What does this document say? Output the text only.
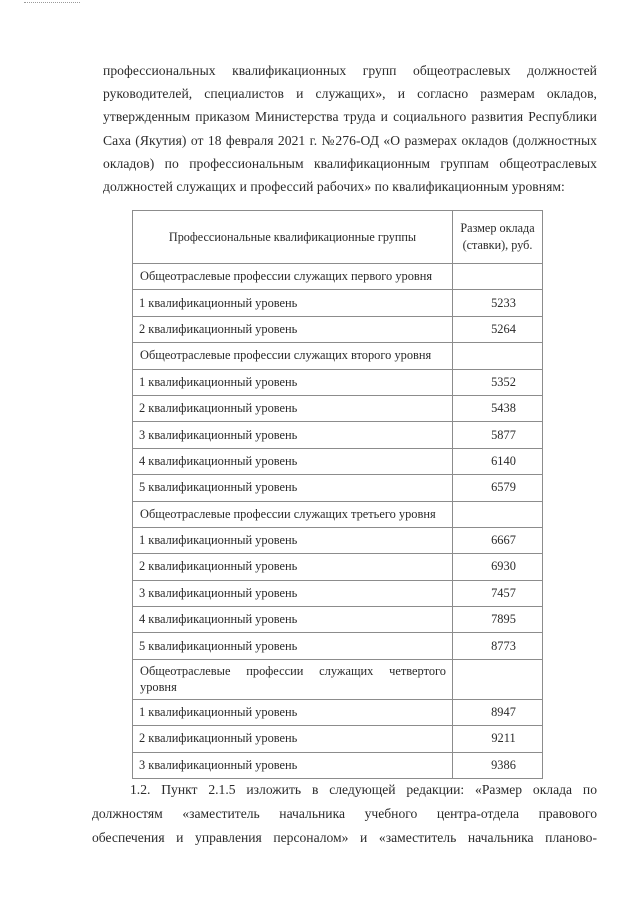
профессиональных квалификационных групп общеотраслевых должностей
руководителей, специалистов и служащих», и согласно размерам окладов,
утвержденным приказом Министерства труда и социального развития Республики
Саха (Якутия) от 18 февраля 2021 г. №276-ОД «О размерах окладов (должностных
окладов) по профессиональным квалификационным группам общеотраслевых
должностей служащих и профессий рабочих» по квалификационным уровням:
Профессиональные квалификационные группы	Размер оклада (ставки), руб.
Общеотраслевые профессии служащих первого уровня	
1 квалификационный уровень	5233
2 квалификационный уровень	5264
Общеотраслевые профессии служащих второго уровня	
1 квалификационный уровень	5352
2 квалификационный уровень	5438
3 квалификационный уровень	5877
4 квалификационный уровень	6140
5 квалификационный уровень	6579
Общеотраслевые профессии служащих третьего уровня	
1 квалификационный уровень	6667
2 квалификационный уровень	6930
3 квалификационный уровень	7457
4 квалификационный уровень	7895
5 квалификационный уровень	8773

Общеотраслевые профессии служащих четвертого
уровня	
1 квалификационный уровень	8947
2 квалификационный уровень	9211
3 квалификационный уровень	9386
1.2. Пункт 2.1.5 изложить в следующей редакции: «Размер оклада по
должностям «заместитель начальника учебного центра-отдела правового
обеспечения и управления персоналом» и «заместитель начальника планово-
